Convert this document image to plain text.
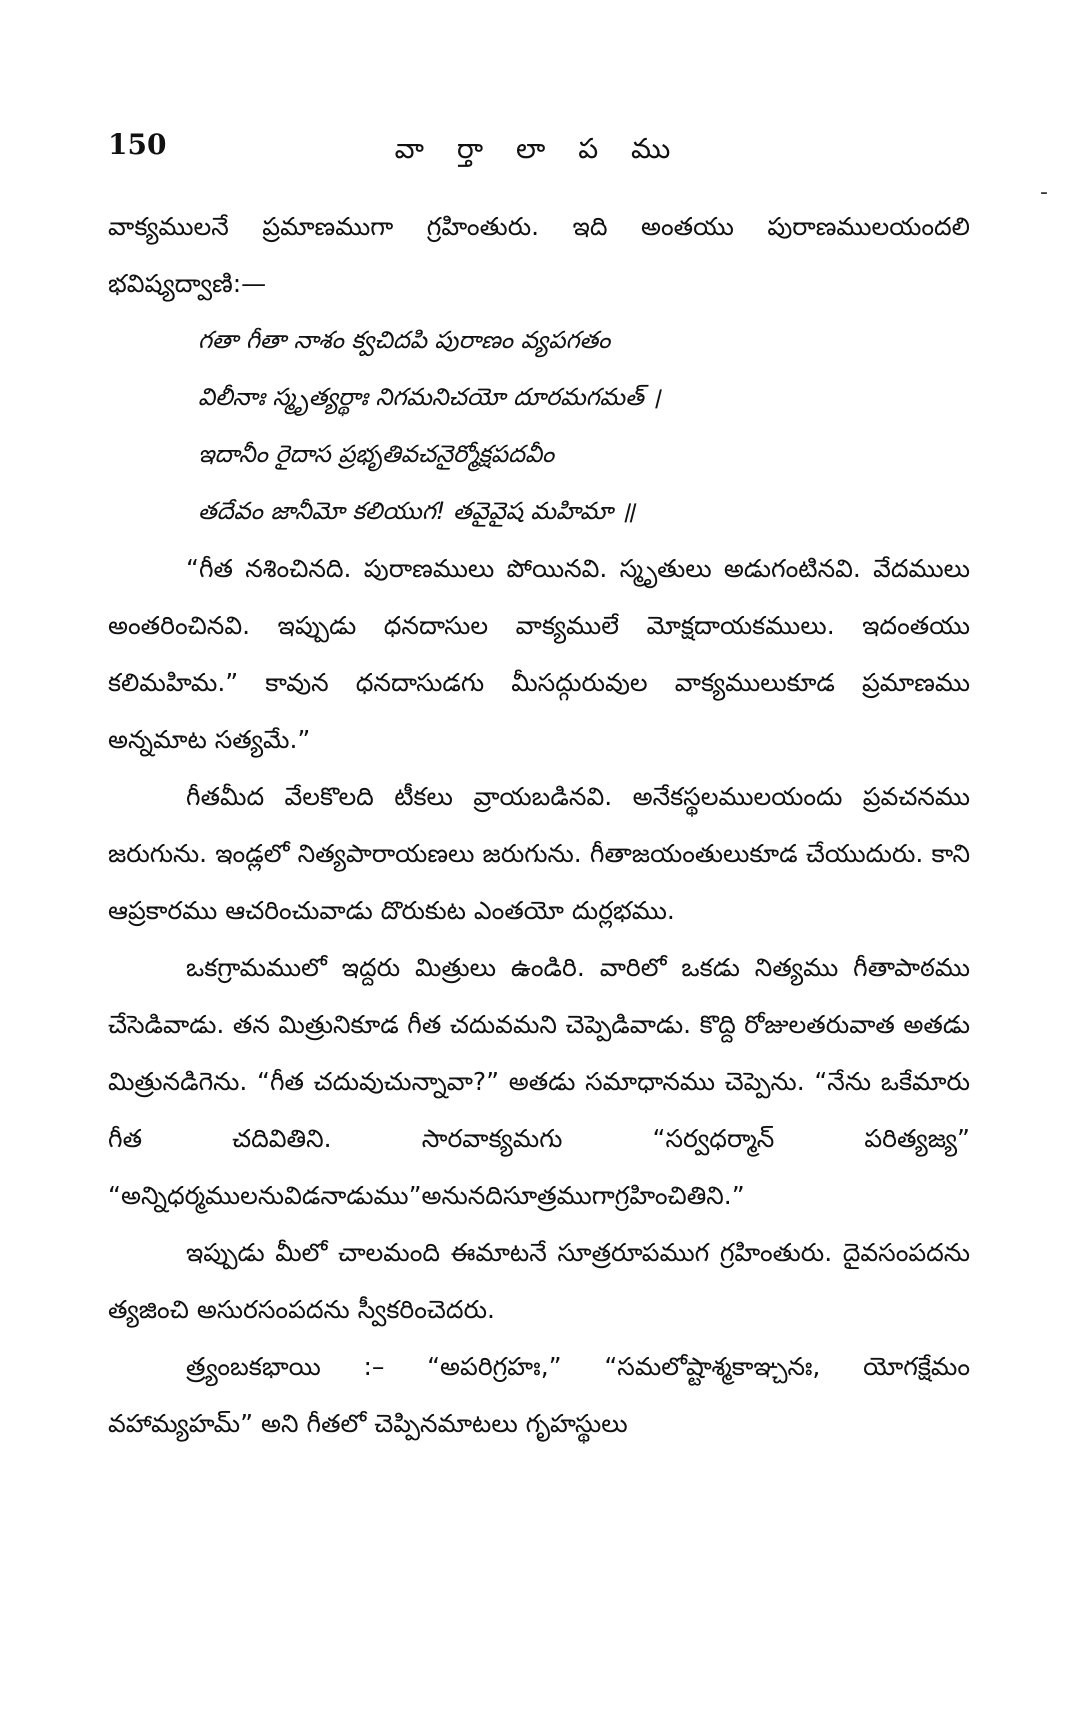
150	వా ర్తా లా ప ము
-

వాక్యములనే ప్రమాణముగా గ్రహింతురు. ఇది అంతయు పురాణములయందలి భవిష్యద్వాణి:—

గతా గీతా నాశం క్వచిదపి పురాణం వ్యపగతం
విలీనాః స్మృత్యర్థాః నిగమనిచయో దూరమగమత్ ।
ఇదానీం రైదాస ప్రభృతివచనైర్మోక్షపదవీం
తదేవం జానీమో కలియుగ! తవైవైష మహిమా ॥

“గీత నశించినది. పురాణములు పోయినవి. స్మృతులు అడుగంటినవి. వేదములు అంతరించినవి. ఇప్పుడు ధనదాసుల వాక్యములే మోక్షదాయకములు. ఇదంతయు కలిమహిమ.” కావున ధనదాసుడగు మీసద్గురువుల వాక్యములుకూడ ప్రమాణము అన్నమాట సత్యమే.”

గీతమీద వేలకొలది టీకలు వ్రాయబడినవి. అనేకస్థలములయందు ప్రవచనము జరుగును. ఇండ్లలో నిత్యపారాయణలు జరుగును. గీతాజయంతులుకూడ చేయుదురు. కాని ఆప్రకారము ఆచరించువాడు దొరుకుట ఎంతయో దుర్లభము.

ఒకగ్రామములో ఇద్దరు మిత్రులు ఉండిరి. వారిలో ఒకడు నిత్యము గీతాపాఠము చేసెడివాడు. తన మిత్రునికూడ గీత చదువమని చెప్పెడివాడు. కొద్ది రోజులతరువాత అతడు మిత్రునడిగెను. “గీత చదువుచున్నావా?” అతడు సమాధానము చెప్పెను. “నేను ఒకేమారు గీత చదివితిని. సారవాక్యమగు “సర్వధర్మాన్ పరిత్యజ్య” “అన్నిధర్మములనువిడనాడుము”అనునదిసూత్రముగాగ్రహించితిని.”

ఇప్పుడు మీలో చాలమంది ఈమాటనే సూత్రరూపముగ గ్రహింతురు. దైవసంపదను త్యజించి అసురసంపదను స్వీకరించెదరు.

త్ర్యంబకభాయి :– “అపరిగ్రహః,” “సమలోష్టాశ్మకాఞ్చనః, యోగక్షేమం వహామ్యహమ్” అని గీతలో చెప్పినమాటలు గృహస్థులు
